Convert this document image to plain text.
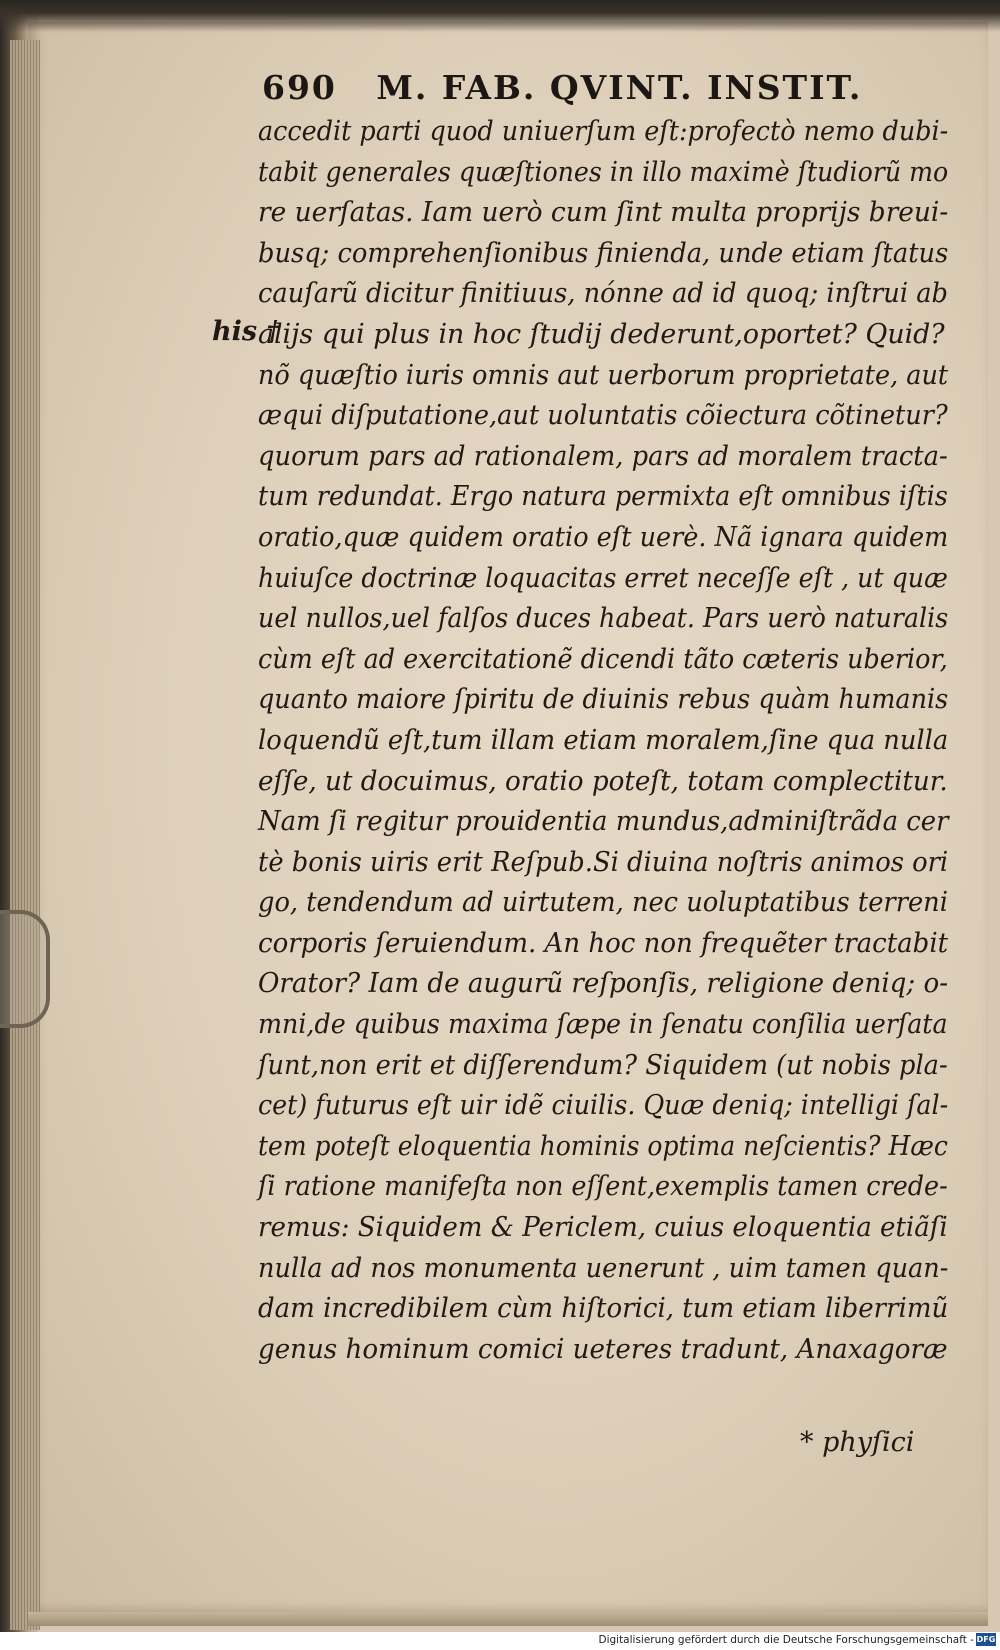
690 M. FAB. QVINT. INSTIT.
his †
accedit parti quod uniuerſum eſt:profectò nemo dubi-
tabit generales quæſtiones in illo maximè ſtudiorũ mo
re uerſatas. Iam uerò cum ſint multa proprijs breui-
busq; comprehenſionibus finienda, unde etiam ſtatus
cauſarũ dicitur finitiuus, nónne ad id quoq; inſtrui ab
alijs qui plus in hoc ſtudij dederunt,oportet? Quid?
nõ quæſtio iuris omnis aut uerborum proprietate, aut
æqui diſputatione,aut uoluntatis cõiectura cõtinetur?
quorum pars ad rationalem, pars ad moralem tracta-
tum redundat. Ergo natura permixta eſt omnibus iſtis
oratio,quæ quidem oratio eſt uerè. Nã ignara quidem
huiuſce doctrinæ loquacitas erret neceſſe eſt , ut quæ
uel nullos,uel falſos duces habeat. Pars uerò naturalis
cùm eſt ad exercitationẽ dicendi tãto cæteris uberior,
quanto maiore ſpiritu de diuinis rebus quàm humanis
loquendũ eſt,tum illam etiam moralem,ſine qua nulla
eſſe, ut docuimus, oratio poteſt, totam complectitur.
Nam ſi regitur prouidentia mundus,adminiſtrãda cer
tè bonis uiris erit Reſpub.Si diuina noſtris animos ori
go, tendendum ad uirtutem, nec uoluptatibus terreni
corporis ſeruiendum. An hoc non frequẽter tractabit
Orator? Iam de augurũ reſponſis, religione deniq; o-
mni,de quibus maxima ſæpe in ſenatu conſilia uerſata
ſunt,non erit et diſſerendum? Siquidem (ut nobis pla-
cet) futurus eſt uir idẽ ciuilis. Quæ deniq; intelligi ſal-
tem poteſt eloquentia hominis optima neſcientis? Hæc
ſi ratione manifeſta non eſſent,exemplis tamen crede-
remus: Siquidem & Periclem, cuius eloquentia etiãſi
nulla ad nos monumenta uenerunt , uim tamen quan-
dam incredibilem cùm hiſtorici, tum etiam liberrimũ
genus hominum comici ueteres tradunt, Anaxagoræ
* phyſici
Digitalisierung gefördert durch die Deutsche Forschungsgemeinschaft - DFG
